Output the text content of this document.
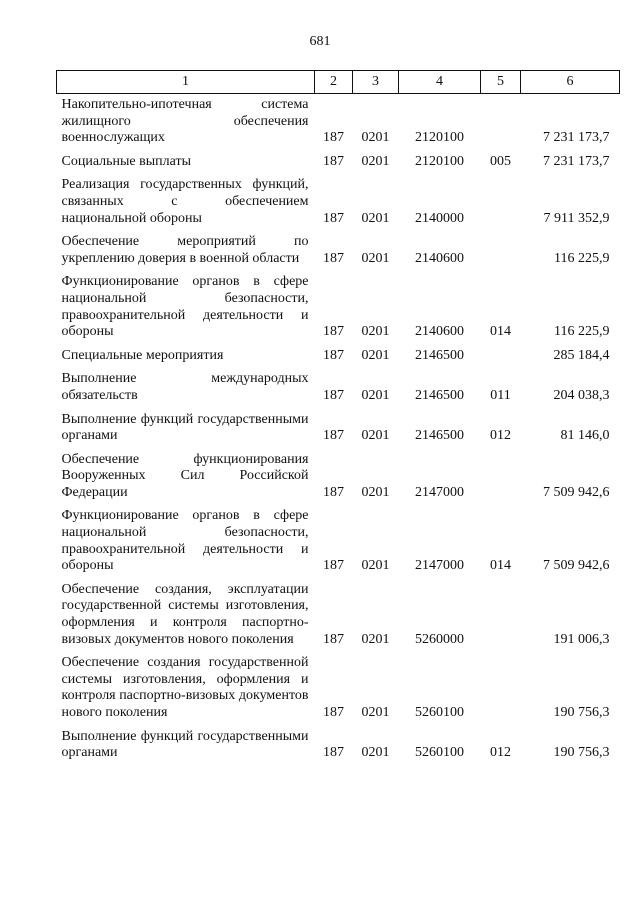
681
1	2	3	4	5	6
Накопительно-ипотечная система жилищного обеспечения военнослужащих	187	0201	2120100		7 231 173,7
Социальные выплаты	187	0201	2120100	005	7 231 173,7
Реализация государственных функций, связанных с обеспечением национальной обороны	187	0201	2140000		7 911 352,9
Обеспечение мероприятий по укреплению доверия в военной области	187	0201	2140600		116 225,9
Функционирование органов в сфере национальной безопасности, правоохранительной деятельности и обороны	187	0201	2140600	014	116 225,9
Специальные мероприятия	187	0201	2146500		285 184,4
Выполнение международных обязательств	187	0201	2146500	011	204 038,3
Выполнение функций государственными органами	187	0201	2146500	012	81 146,0
Обеспечение функционирования Вооруженных Сил Российской Федерации	187	0201	2147000		7 509 942,6
Функционирование органов в сфере национальной безопасности, правоохранительной деятельности и обороны	187	0201	2147000	014	7 509 942,6
Обеспечение создания, эксплуатации государственной системы изготовления, оформления и контроля паспортно-визовых документов нового поколения	187	0201	5260000		191 006,3
Обеспечение создания государственной системы изготовления, оформления и контроля паспортно-визовых документов нового поколения	187	0201	5260100		190 756,3
Выполнение функций государственными органами	187	0201	5260100	012	190 756,3
